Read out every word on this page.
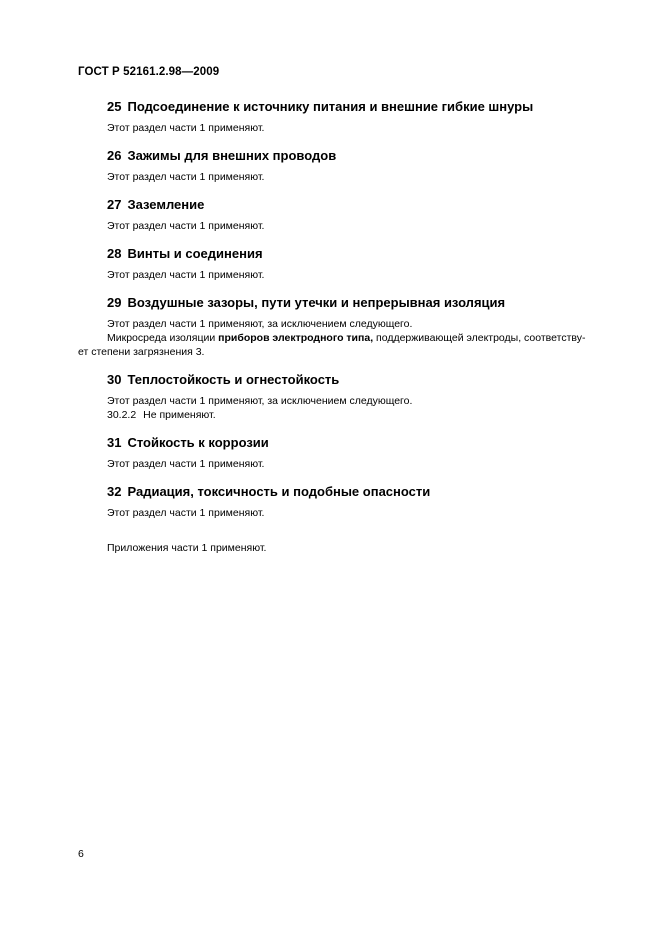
ГОСТ Р 52161.2.98—2009
25 Подсоединение к источнику питания и внешние гибкие шнуры

Этот раздел части 1 применяют.

26 Зажимы для внешних проводов

Этот раздел части 1 применяют.

27 Заземление

Этот раздел части 1 применяют.

28 Винты и соединения

Этот раздел части 1 применяют.

29 Воздушные зазоры, пути утечки и непрерывная изоляция

Этот раздел части 1 применяют, за исключением следующего.

Микросреда изоляции приборов электродного типа, поддерживающей электроды, соответству-

ет степени загрязнения 3.

30 Теплостойкость и огнестойкость

Этот раздел части 1 применяют, за исключением следующего.

30.2.2 Не применяют.

31 Стойкость к коррозии

Этот раздел части 1 применяют.

32 Радиация, токсичность и подобные опасности

Этот раздел части 1 применяют.

Приложения части 1 применяют.

6
